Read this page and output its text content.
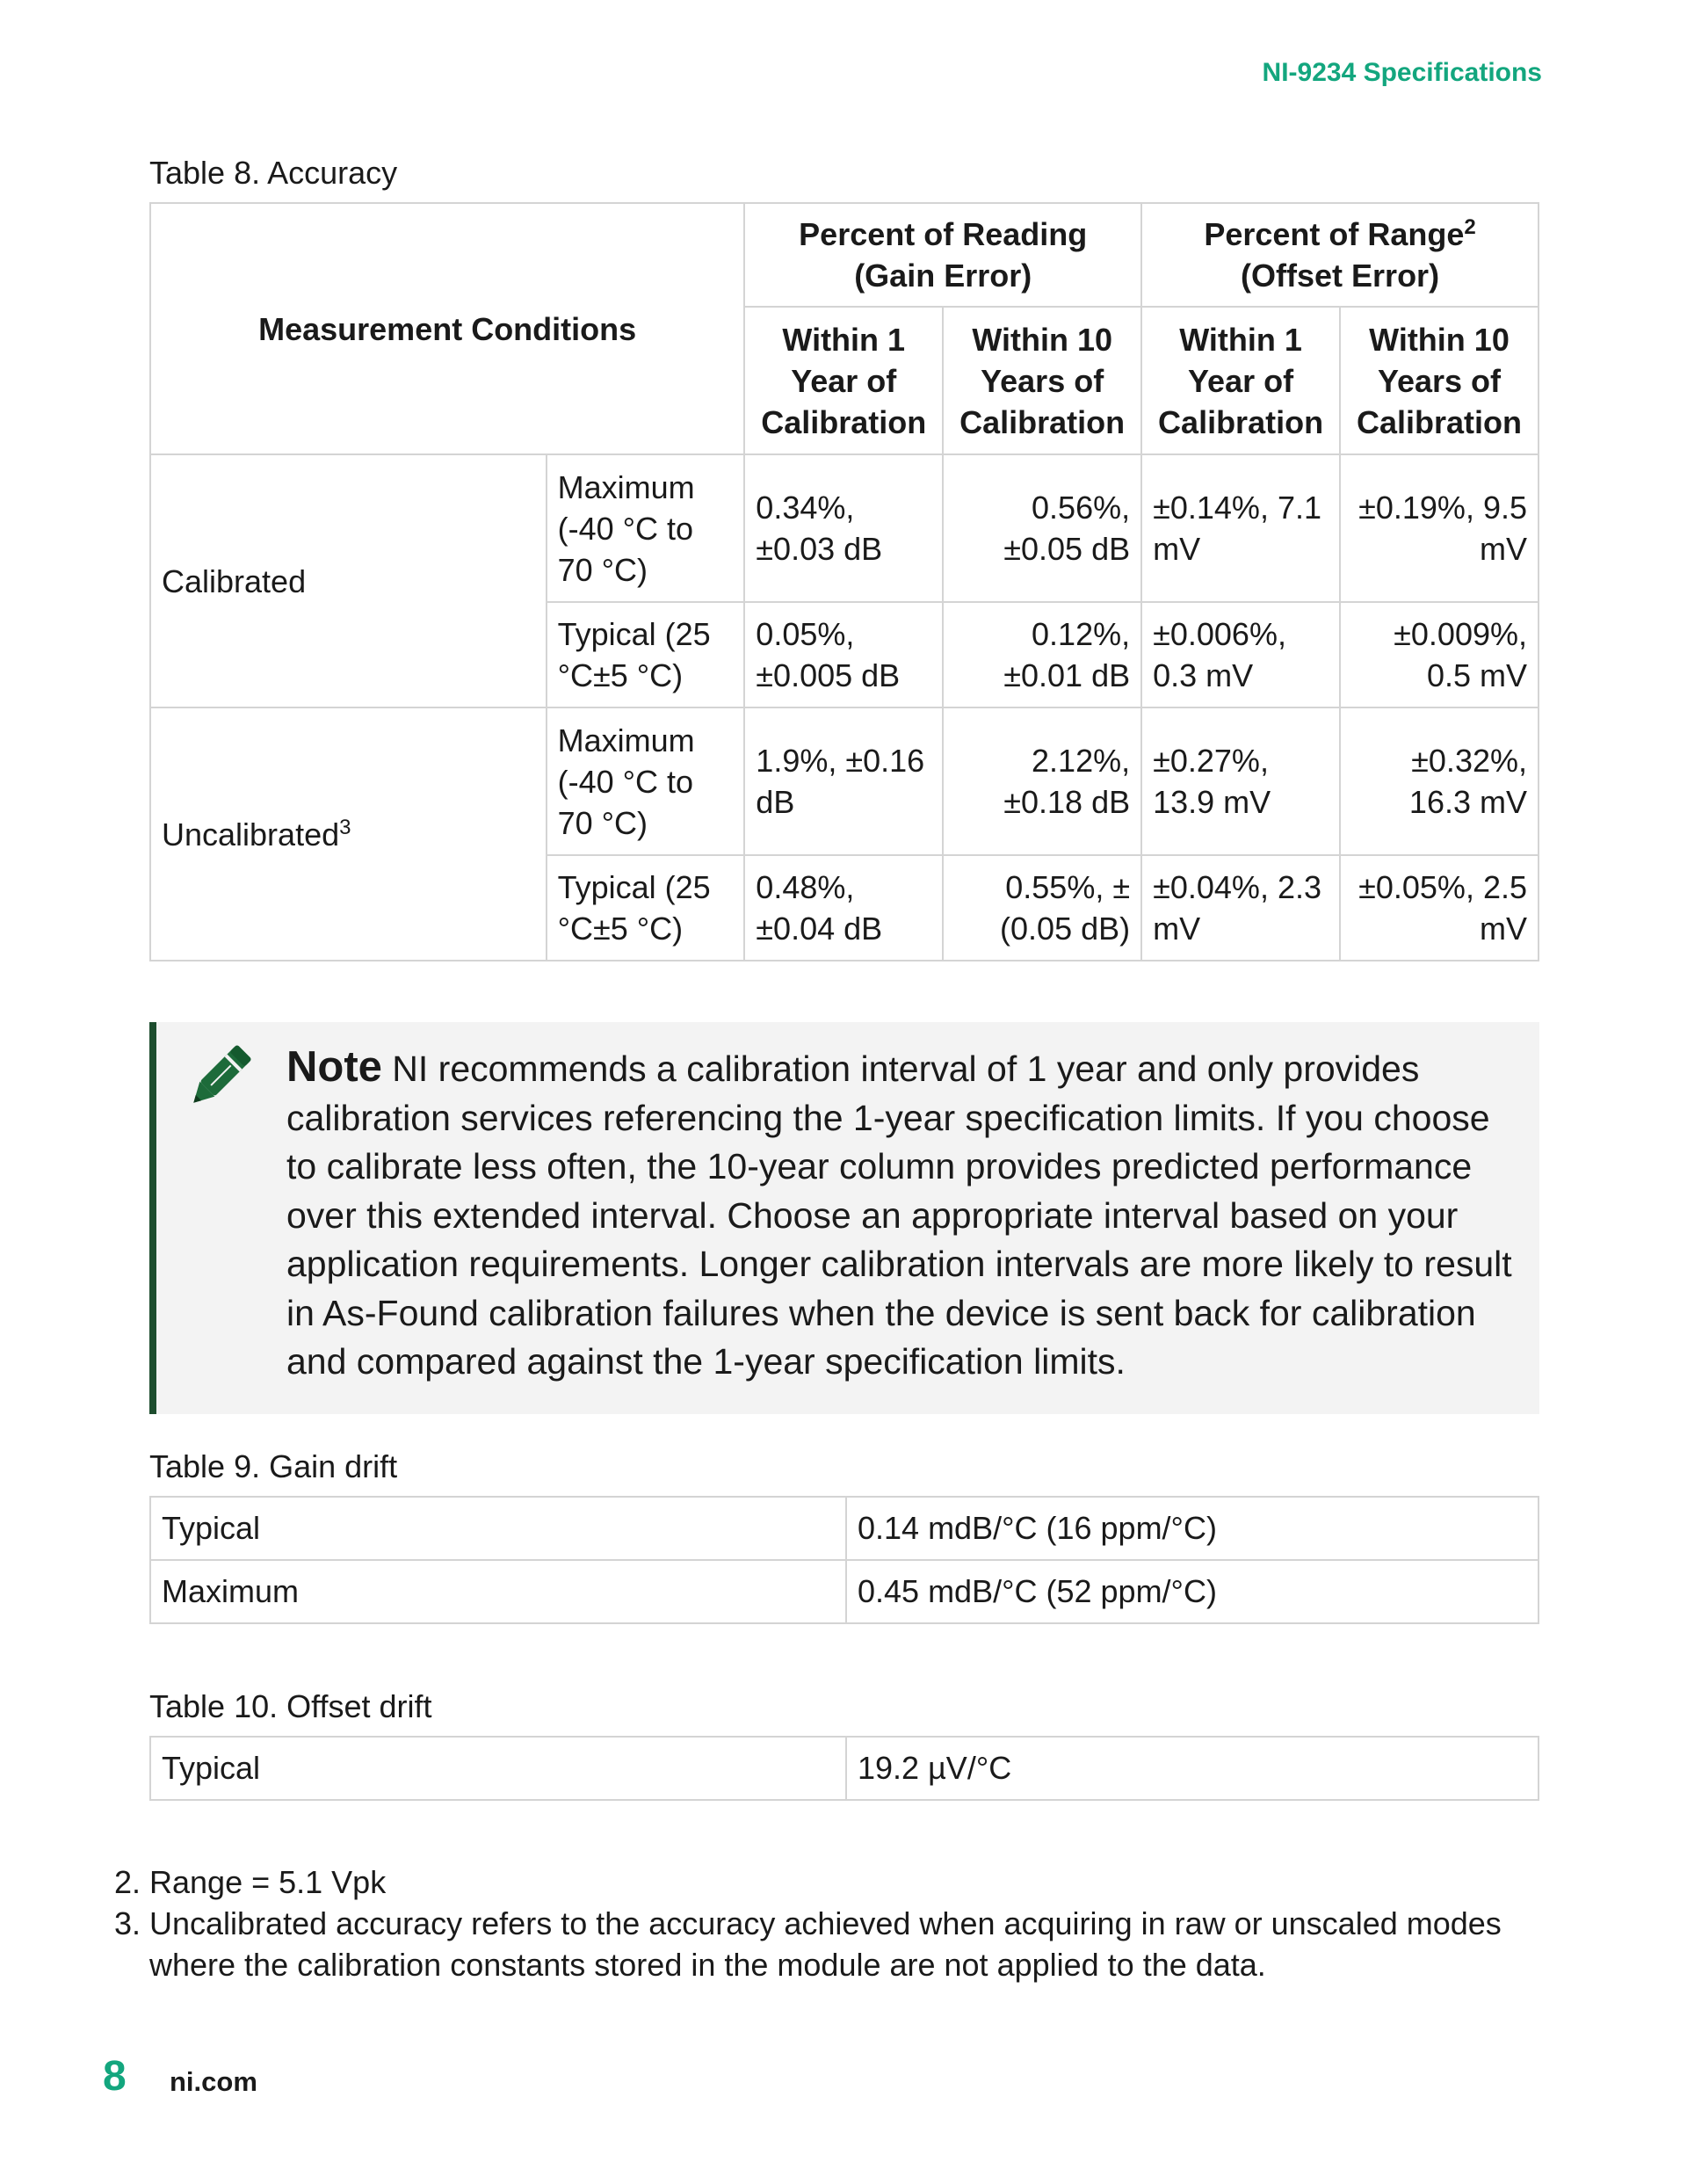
NI-9234 Specifications
Table 8. Accuracy
Measurement Conditions		Percent of Reading (Gain Error)		Percent of Range$^2$ (Offset Error)	
		Within 1 Year of Calibration	Within 10 Years of Calibration	Within 1 Year of Calibration	Within 10 Years of Calibration
Calibrated	Maximum (-40 °C to 70 °C)	0.34%, ±0.03 dB	0.56%, ±0.05 dB	±0.14%, 7.1 mV	±0.19%, 9.5 mV
	Typical (25 °C±5 °C)	0.05%, ±0.005 dB	0.12%, ±0.01 dB	±0.006%, 0.3 mV	±0.009%, 0.5 mV
Uncalibrated$^3$	Maximum (-40 °C to 70 °C)	1.9%, ±0.16 dB	2.12%, ±0.18 dB	±0.27%, 13.9 mV	±0.32%, 16.3 mV
	Typical (25 °C±5 °C)	0.48%, ±0.04 dB	0.55%, ±(0.05 dB)	±0.04%, 2.3 mV	±0.05%, 2.5 mV
Note NI recommends a calibration interval of 1 year and only provides calibration services referencing the 1-year specification limits. If you choose to calibrate less often, the 10-year column provides predicted performance over this extended interval. Choose an appropriate interval based on your application requirements. Longer calibration intervals are more likely to result in As-Found calibration failures when the device is sent back for calibration and compared against the 1-year specification limits.
Table 9. Gain drift
Typical	0.14 mdB/°C (16 ppm/°C)
Maximum	0.45 mdB/°C (52 ppm/°C)
Table 10. Offset drift
Typical	19.2 µV/°C
2. Range = 5.1 Vpk
3. Uncalibrated accuracy refers to the accuracy achieved when acquiring in raw or unscaled modes where the calibration constants stored in the module are not applied to the data.
8 ni.com
